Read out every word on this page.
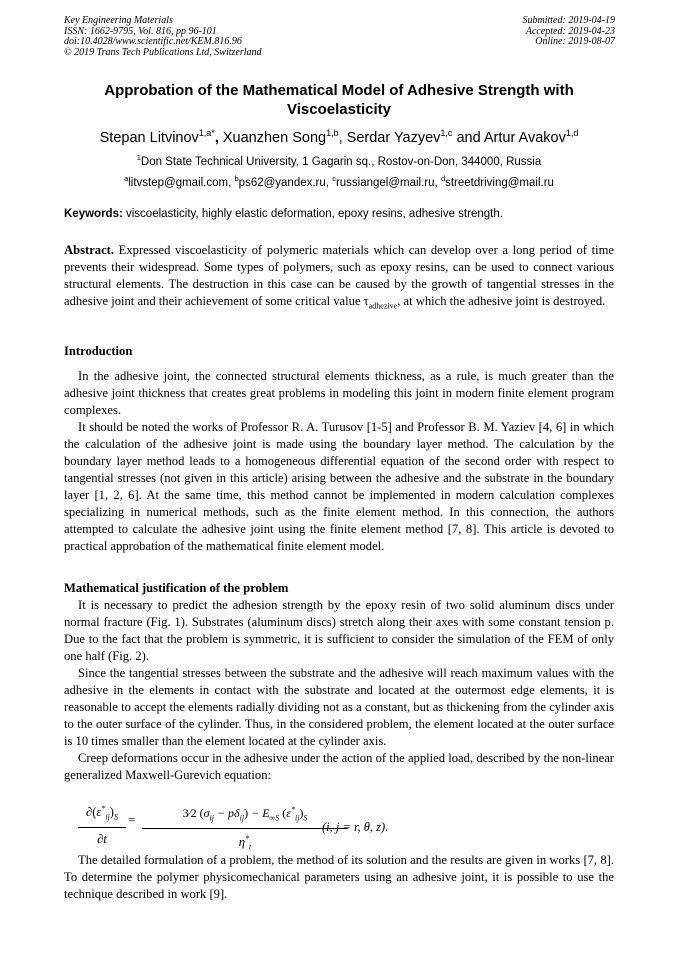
Key Engineering Materials
ISSN: 1662-9795, Vol. 816, pp 96-101
doi:10.4028/www.scientific.net/KEM.816.96
© 2019 Trans Tech Publications Ltd, Switzerland
Submitted: 2019-04-19
Accepted: 2019-04-23
Online: 2019-08-07
Approbation of the Mathematical Model of Adhesive Strength with Viscoelasticity
Stepan Litvinov$^{1,a*}$, Xuanzhen Song$^{1,b}$, Serdar Yazyev$^{1,c}$ and Artur Avakov$^{1,d}$
$^1$Don State Technical University, 1 Gagarin sq., Rostov-on-Don, 344000, Russia
$^a$litvstep@gmail.com, $^b$ps62@yandex.ru, $^c$russiangel@mail.ru, $^d$streetdriving@mail.ru
Keywords: viscoelasticity, highly elastic deformation, epoxy resins, adhesive strength.

Abstract. Expressed viscoelasticity of polymeric materials which can develop over a long period of time prevents their widespread. Some types of polymers, such as epoxy resins, can be used to connect various structural elements. The destruction in this case can be caused by the growth of tangential stresses in the adhesive joint and their achievement of some critical value $\tau_{adhezive}$, at which the adhesive joint is destroyed.

Introduction

In the adhesive joint, the connected structural elements thickness, as a rule, is much greater than the adhesive joint thickness that creates great problems in modeling this joint in modern finite element program complexes.

It should be noted the works of Professor R. A. Turusov [1-5] and Professor B. M. Yaziev [4, 6] in which the calculation of the adhesive joint is made using the boundary layer method. The calculation by the boundary layer method leads to a homogeneous differential equation of the second order with respect to tangential stresses (not given in this article) arising between the adhesive and the substrate in the boundary layer [1, 2, 6]. At the same time, this method cannot be implemented in modern calculation complexes specializing in numerical methods, such as the finite element method. In this connection, the authors attempted to calculate the adhesive joint using the finite element method [7, 8]. This article is devoted to practical approbation of the mathematical finite element model.

Mathematical justification of the problem

It is necessary to predict the adhesion strength by the epoxy resin of two solid aluminum discs under normal fracture (Fig. 1). Substrates (aluminum discs) stretch along their axes with some constant tension p. Due to the fact that the problem is symmetric, it is sufficient to consider the simulation of the FEM of only one half (Fig. 2).

Since the tangential stresses between the substrate and the adhesive will reach maximum values with the adhesive in the elements in contact with the substrate and located at the outermost edge elements, it is reasonable to accept the elements radially dividing not as a constant, but as thickening from the cylinder axis to the outer surface of the cylinder. Thus, in the considered problem, the element located at the outer surface is 10 times smaller than the element located at the cylinder axis.

Creep deformations occur in the adhesive under the action of the applied load, described by the non-linear generalized Maxwell-Gurevich equation:

$\frac{\partial(\varepsilon^*_{ij})_S}{\partial t}$ =	3⁄2 $(\sigma_{ij} - p\delta_{ij}) - E_{\infty S}$ $(\varepsilon^*_{ij})_S$
$\eta^*_t$
(i, j = r, θ, z).

The detailed formulation of a problem, the method of its solution and the results are given in works [7, 8]. To determine the polymer physicomechanical parameters using an adhesive joint, it is possible to use the technique described in work [9].
